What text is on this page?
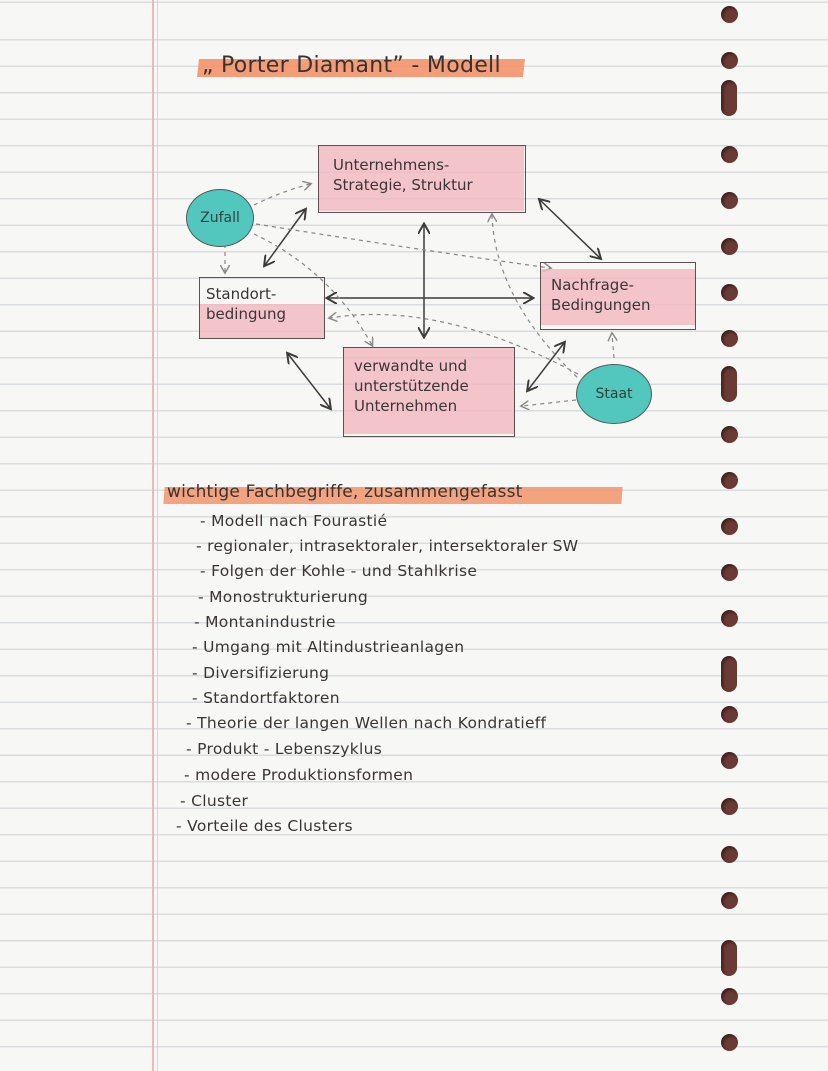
„ Porter Diamant” - Modell
Unternehmens-
Strategie, Struktur
Standort-
bedingung
Nachfrage-
Bedingungen
verwandte und
unterstützende
Unternehmen
Zufall
Staat
wichtige Fachbegriffe, zusammengefasst
- Modell nach Fourastié
- regionaler, intrasektoraler, intersektoraler SW
- Folgen der Kohle - und Stahlkrise
- Monostrukturierung
- Montanindustrie
- Umgang mit Altindustrieanlagen
- Diversifizierung
- Standortfaktoren
- Theorie der langen Wellen nach Kondratieff
- Produkt - Lebenszyklus
- modere Produktionsformen
- Cluster
- Vorteile des Clusters
